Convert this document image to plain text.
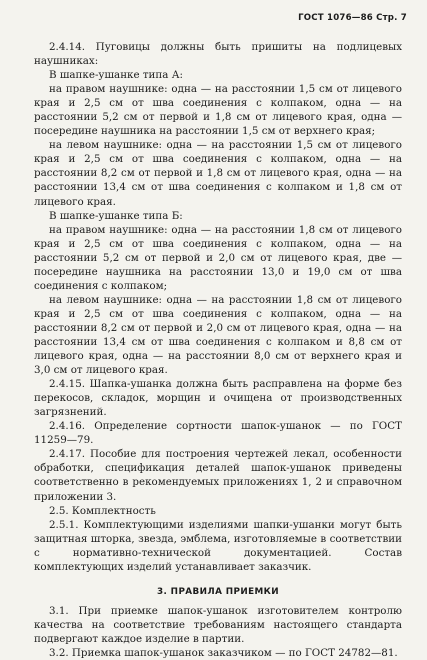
ГОСТ 1076—86 Стр. 7

2.4.14. Пуговицы должны быть пришиты на подлицевых наушниках:

В шапке-ушанке типа А:

на правом наушнике: одна — на расстоянии 1,5 см от лицевого края и 2,5 см от шва соединения с колпаком, одна — на расстоянии 5,2 см от первой и 1,8 см от лицевого края, одна — посередине наушника на расстоянии 1,5 см от верхнего края;

на левом наушнике: одна — на расстоянии 1,5 см от лицевого края и 2,5 см от шва соединения с колпаком, одна — на расстоянии 8,2 см от первой и 1,8 см от лицевого края, одна — на расстоянии 13,4 см от шва соединения с колпаком и 1,8 см от лицевого края.

В шапке-ушанке типа Б:

на правом наушнике: одна — на расстоянии 1,8 см от лицевого края и 2,5 см от шва соединения с колпаком, одна — на расстоянии 5,2 см от первой и 2,0 см от лицевого края, две — посередине наушника на расстоянии 13,0 и 19,0 см от шва соединения с колпаком;

на левом наушнике: одна — на расстоянии 1,8 см от лицевого края и 2,5 см от шва соединения с колпаком, одна — на расстоянии 8,2 см от первой и 2,0 см от лицевого края, одна — на расстоянии 13,4 см от шва соединения с колпаком и 8,8 см от лицевого края, одна — на расстоянии 8,0 см от верхнего края и 3,0 см от лицевого края.

2.4.15. Шапка-ушанка должна быть расправлена на форме без перекосов, складок, морщин и очищена от производственных загрязнений.

2.4.16. Определение сортности шапок-ушанок — по ГОСТ 11259—79.

2.4.17. Пособие для построения чертежей лекал, особенности обработки, спецификация деталей шапок-ушанок приведены соответственно в рекомендуемых приложениях 1, 2 и справочном приложении 3.

2.5. Комплектность

2.5.1. Комплектующими изделиями шапки-ушанки могут быть защитная шторка, звезда, эмблема, изготовляемые в соответствии с нормативно-технической документацией. Состав комплектующих изделий устанавливает заказчик.

3. ПРАВИЛА ПРИЕМКИ

3.1. При приемке шапок-ушанок изготовителем контролю качества на соответствие требованиям настоящего стандарта подвергают каждое изделие в партии.

3.2. Приемка шапок-ушанок заказчиком — по ГОСТ 24782—81.
